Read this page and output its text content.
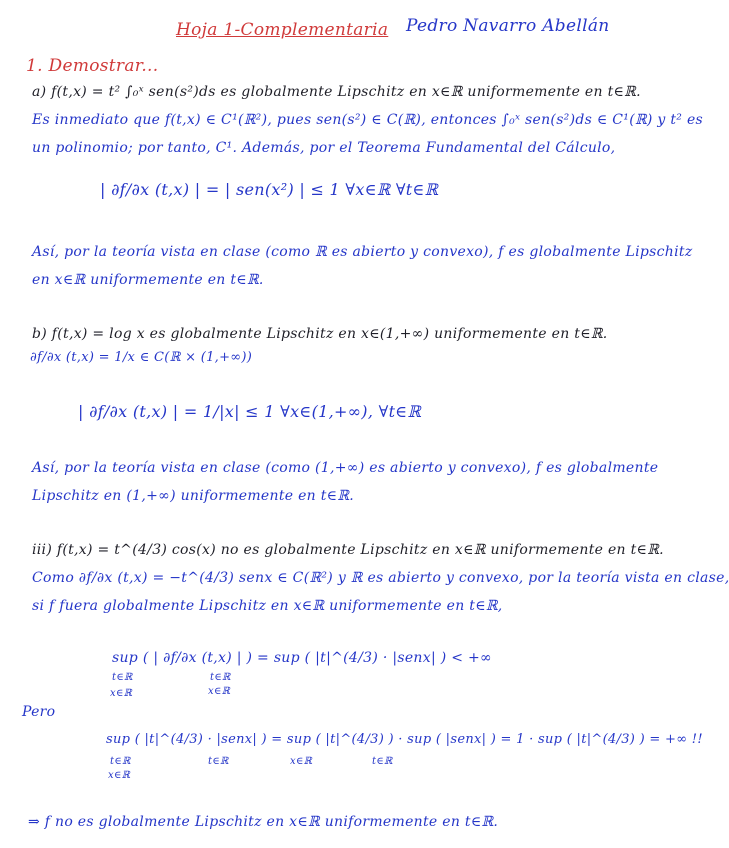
Hoja 1-Complementaria Pedro Navarro Abellán
1. Demostrar...
a) f(t,x) = t² ∫₀ˣ sen(s²)ds es globalmente Lipschitz en x∈ℝ uniformemente en t∈ℝ.
Es inmediato que f(t,x) ∈ C¹(ℝ²), pues sen(s²) ∈ C(ℝ), entonces ∫₀ˣ sen(s²)ds ∈ C¹(ℝ) y t² es
un polinomio; por tanto, C¹. Además, por el Teorema Fundamental del Cálculo,
| ∂f/∂x (t,x) | = | sen(x²) | ≤ 1 ∀x∈ℝ ∀t∈ℝ
Así, por la teoría vista en clase (como ℝ es abierto y convexo), f es globalmente Lipschitz
en x∈ℝ uniformemente en t∈ℝ.
b) f(t,x) = log x es globalmente Lipschitz en x∈(1,+∞) uniformemente en t∈ℝ.
∂f/∂x (t,x) = 1/x ∈ C(ℝ × (1,+∞))
| ∂f/∂x (t,x) | = 1/|x| ≤ 1 ∀x∈(1,+∞), ∀t∈ℝ
Así, por la teoría vista en clase (como (1,+∞) es abierto y convexo), f es globalmente
Lipschitz en (1,+∞) uniformemente en t∈ℝ.
iii) f(t,x) = t^(4/3) cos(x) no es globalmente Lipschitz en x∈ℝ uniformemente en t∈ℝ.
Como ∂f/∂x (t,x) = −t^(4/3) senx ∈ C(ℝ²) y ℝ es abierto y convexo, por la teoría vista en clase,
si f fuera globalmente Lipschitz en x∈ℝ uniformemente en t∈ℝ,
sup ( | ∂f/∂x (t,x) | ) = sup ( |t|^(4/3) · |senx| ) < +∞
t∈ℝ
x∈ℝ
t∈ℝ
x∈ℝ
Pero
sup ( |t|^(4/3) · |senx| ) = sup ( |t|^(4/3) ) · sup ( |senx| ) = 1 · sup ( |t|^(4/3) ) = +∞ !!
t∈ℝ
x∈ℝ
t∈ℝ	x∈ℝ	t∈ℝ
⇒ f no es globalmente Lipschitz en x∈ℝ uniformemente en t∈ℝ.
